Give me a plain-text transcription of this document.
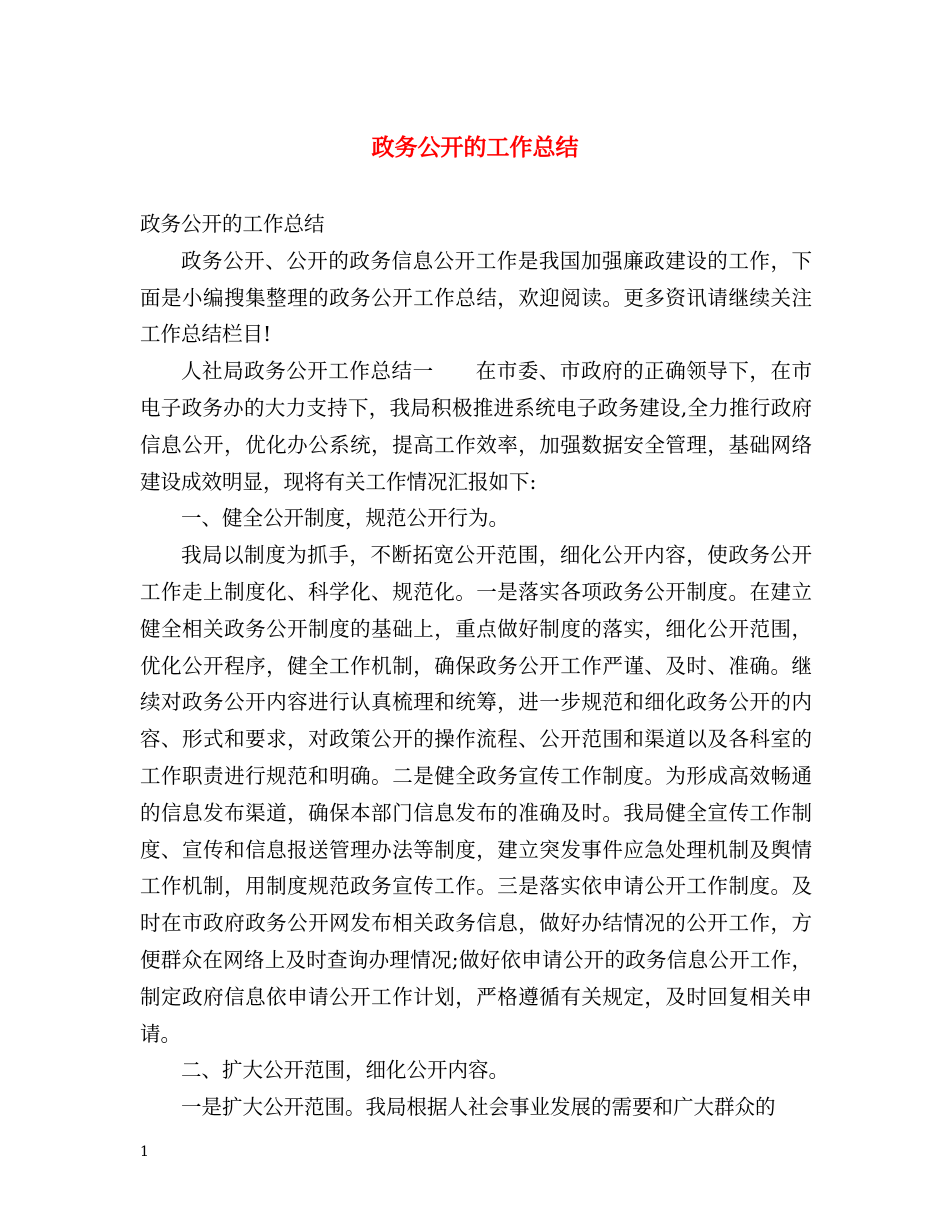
政务公开的工作总结

政务公开的工作总结

政务公开、公开的政务信息公开工作是我国加强廉政建设的工作，下面是小编搜集整理的政务公开工作总结，欢迎阅读。更多资讯请继续关注工作总结栏目!

人社局政务公开工作总结一　　在市委、市政府的正确领导下，在市电子政务办的大力支持下，我局积极推进系统电子政务建设,全力推行政府信息公开，优化办公系统，提高工作效率，加强数据安全管理，基础网络建设成效明显，现将有关工作情况汇报如下:

一、健全公开制度，规范公开行为。

我局以制度为抓手，不断拓宽公开范围，细化公开内容，使政务公开工作走上制度化、科学化、规范化。一是落实各项政务公开制度。在建立健全相关政务公开制度的基础上，重点做好制度的落实，细化公开范围，优化公开程序，健全工作机制，确保政务公开工作严谨、及时、准确。继续对政务公开内容进行认真梳理和统筹，进一步规范和细化政务公开的内容、形式和要求，对政策公开的操作流程、公开范围和渠道以及各科室的工作职责进行规范和明确。二是健全政务宣传工作制度。为形成高效畅通的信息发布渠道，确保本部门信息发布的准确及时。我局健全宣传工作制度、宣传和信息报送管理办法等制度，建立突发事件应急处理机制及舆情工作机制，用制度规范政务宣传工作。三是落实依申请公开工作制度。及时在市政府政务公开网发布相关政务信息，做好办结情况的公开工作，方便群众在网络上及时查询办理情况;做好依申请公开的政务信息公开工作，制定政府信息依申请公开工作计划，严格遵循有关规定，及时回复相关申请。

二、扩大公开范围，细化公开内容。

一是扩大公开范围。我局根据人社会事业发展的需要和广大群众的

1
